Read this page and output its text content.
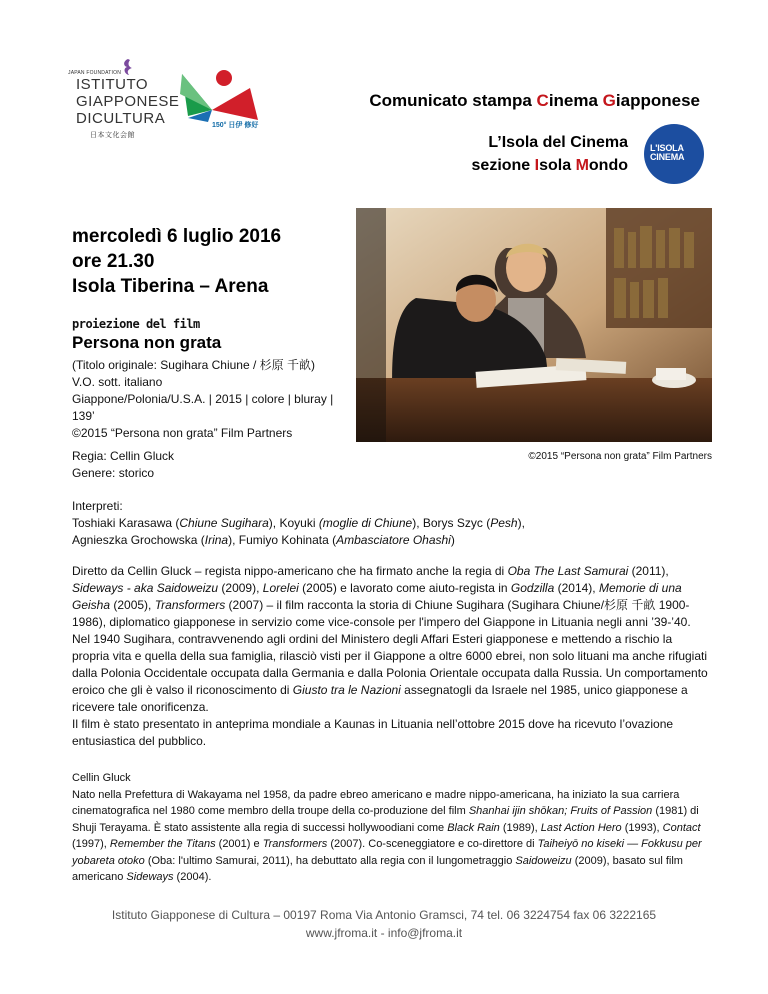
JAPAN FOUNDATION
ISTITUTO
GIAPPONESE
DICULTURA
日本文化会館
150° 日伊 修好
L'ISOLA CINEMA
Comunicato stampa Cinema Giapponese
L’Isola del Cinema
sezione Isola Mondo
mercoledì 6 luglio 2016
ore 21.30
Isola Tiberina – Arena
proiezione del film
Persona non grata
(Titolo originale: Sugihara Chiune / 杉原 千畝)
V.O. sott. italiano
Giappone/Polonia/U.S.A. | 2015 | colore | bluray | 139’
©2015 “Persona non grata” Film Partners
Regia: Cellin Gluck
Genere: storico
©2015 “Persona non grata” Film Partners
Interpreti:
Toshiaki Karasawa (Chiune Sugihara), Koyuki (moglie di Chiune), Borys Szyc (Pesh),
Agnieszka Grochowska (Irina), Fumiyo Kohinata (Ambasciatore Ohashi)
Diretto da Cellin Gluck – regista nippo-americano che ha firmato anche la regia di Oba The Last Samurai (2011), Sideways - aka Saidoweizu (2009), Lorelei (2005) e lavorato come aiuto-regista in Godzilla (2014), Memorie di una Geisha (2005), Transformers (2007) – il film racconta la storia di Chiune Sugihara (Sugihara Chiune/杉原 千畝 1900‐1986), diplomatico giapponese in servizio come vice-console per l'impero del Giappone in Lituania negli anni ’39-’40. Nel 1940 Sugihara, contravvenendo agli ordini del Ministero degli Affari Esteri giapponese e mettendo a rischio la propria vita e quella della sua famiglia, rilasciò visti per il Giappone a oltre 6000 ebrei, non solo lituani ma anche rifugiati dalla Polonia Occidentale occupata dalla Germania e dalla Polonia Orientale occupata dalla Russia. Un comportamento eroico che gli è valso il riconoscimento di Giusto tra le Nazioni assegnatogli da Israele nel 1985, unico giapponese a ricevere tale onorificenza.
Il film è stato presentato in anteprima mondiale a Kaunas in Lituania nell’ottobre 2015 dove ha ricevuto l’ovazione entusiastica del pubblico.
Cellin Gluck
Nato nella Prefettura di Wakayama nel 1958, da padre ebreo americano e madre nippo-americana, ha iniziato la sua carriera cinematografica nel 1980 come membro della troupe della co-produzione del film Shanhai ijin shōkan; Fruits of Passion (1981) di Shuji Terayama. È stato assistente alla regia di successi hollywoodiani come Black Rain (1989), Last Action Hero (1993), Contact (1997), Remember the Titans (2001) e Transformers (2007). Co-sceneggiatore e co-direttore di Taiheiyō no kiseki — Fokkusu per yobareta otoko (Oba: l'ultimo Samurai, 2011), ha debuttato alla regia con il lungometraggio Saidoweizu (2009), basato sul film americano Sideways (2004).
Istituto Giapponese di Cultura – 00197 Roma Via Antonio Gramsci, 74 tel. 06 3224754 fax 06 3222165
www.jfroma.it - info@jfroma.it
